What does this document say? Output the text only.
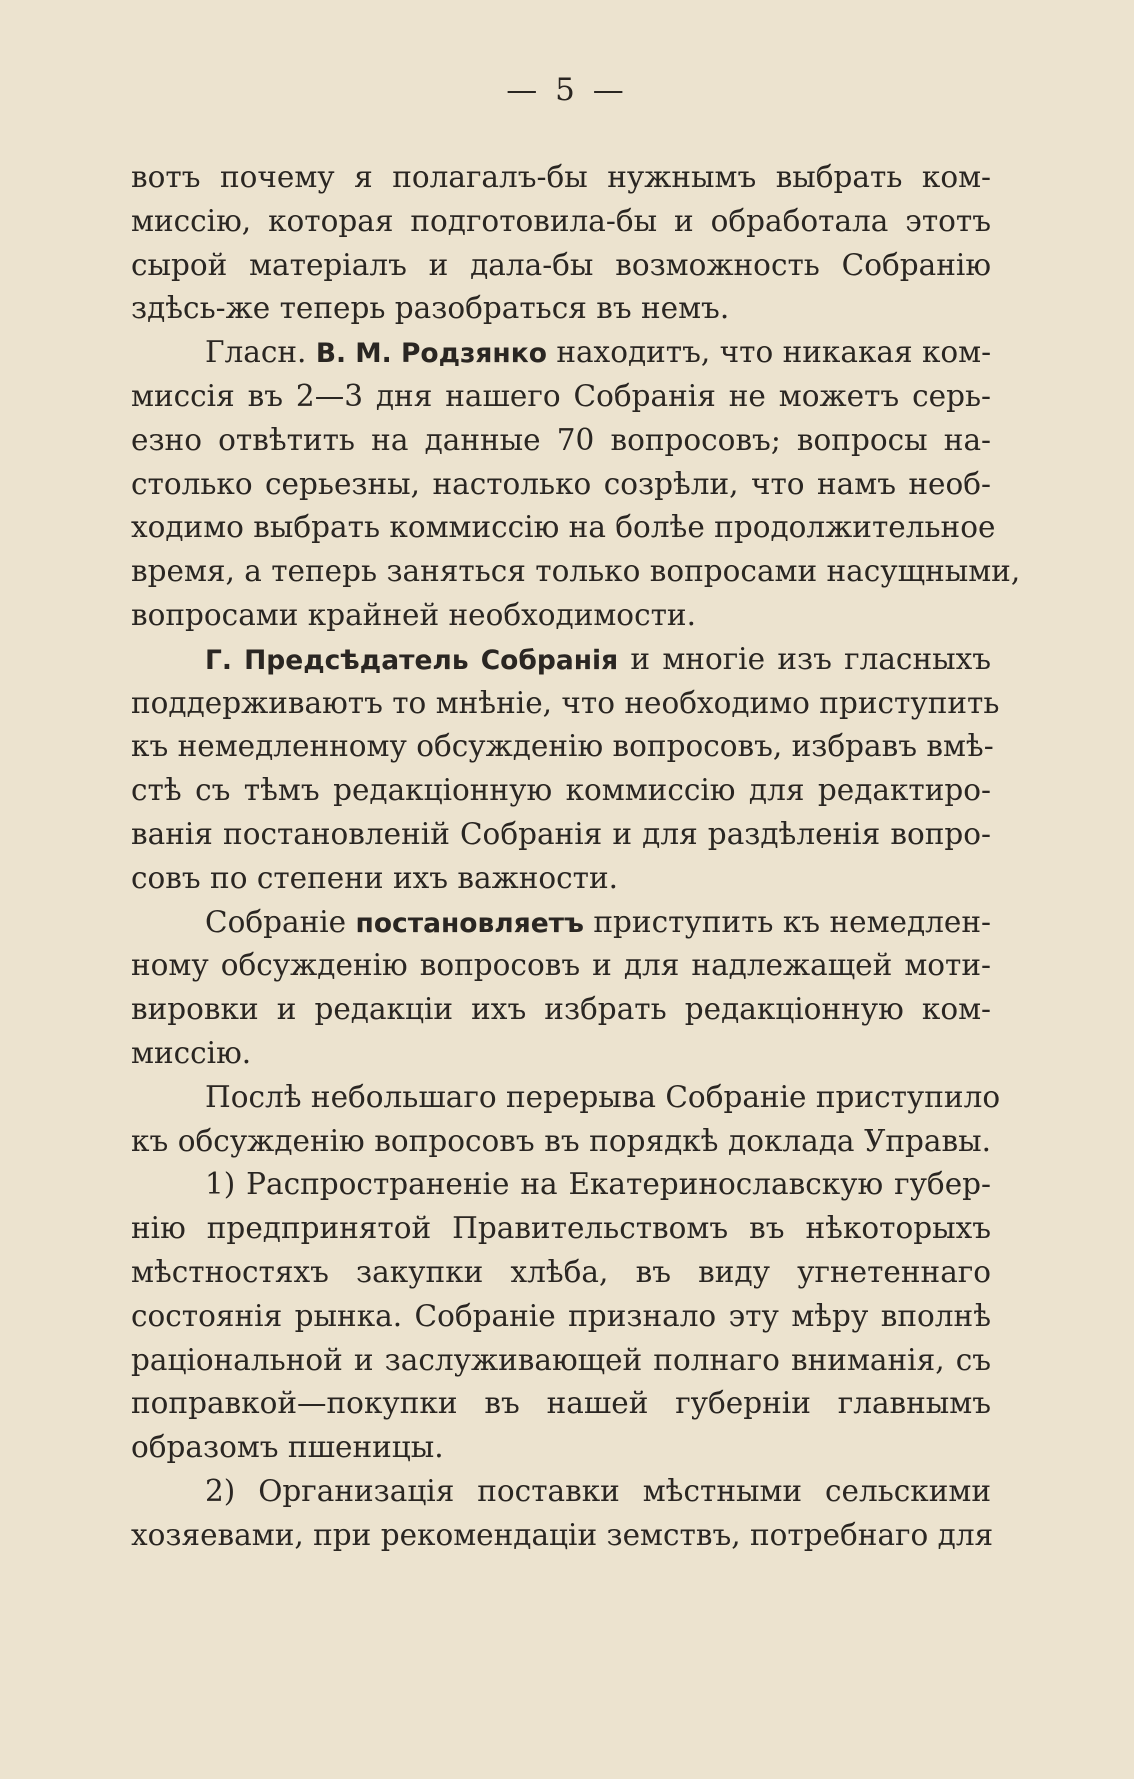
— 5 —
вотъ почему я полагалъ-бы нужнымъ выбрать ком-
миссію, которая подготовила-бы и обработала этотъ
сырой матеріалъ и дала-бы возможность Собранію
здѣсь-же теперь разобраться въ немъ.
Гласн. В. М. Родзянко находитъ, что никакая ком-
миссія въ 2—3 дня нашего Собранія не можетъ серь-
езно отвѣтить на данные 70 вопросовъ; вопросы на-
столько серьезны, настолько созрѣли, что намъ необ-
ходимо выбрать коммиссію на болѣе продолжительное
время, а теперь заняться только вопросами насущными,
вопросами крайней необходимости.
Г. Предсѣдатель Собранія и многіе изъ гласныхъ
поддерживаютъ то мнѣніе, что необходимо приступить
къ немедленному обсужденію вопросовъ, избравъ вмѣ-
стѣ съ тѣмъ редакціонную коммиссію для редактиро-
ванія постановленій Собранія и для раздѣленія вопро-
совъ по степени ихъ важности.
Собраніе постановляетъ приступить къ немедлен-
ному обсужденію вопросовъ и для надлежащей моти-
вировки и редакціи ихъ избрать редакціонную ком-
миссію.
Послѣ небольшаго перерыва Собраніе приступило
къ обсужденію вопросовъ въ порядкѣ доклада Управы.
1) Распространеніе на Екатеринославскую губер-
нію предпринятой Правительствомъ въ нѣкоторыхъ
мѣстностяхъ закупки хлѣба, въ виду угнетеннаго
состоянія рынка. Собраніе признало эту мѣру вполнѣ
раціональной и заслуживающей полнаго вниманія, съ
поправкой—покупки въ нашей губерніи главнымъ
образомъ пшеницы.
2) Организація поставки мѣстными сельскими
хозяевами, при рекомендаціи земствъ, потребнаго для
